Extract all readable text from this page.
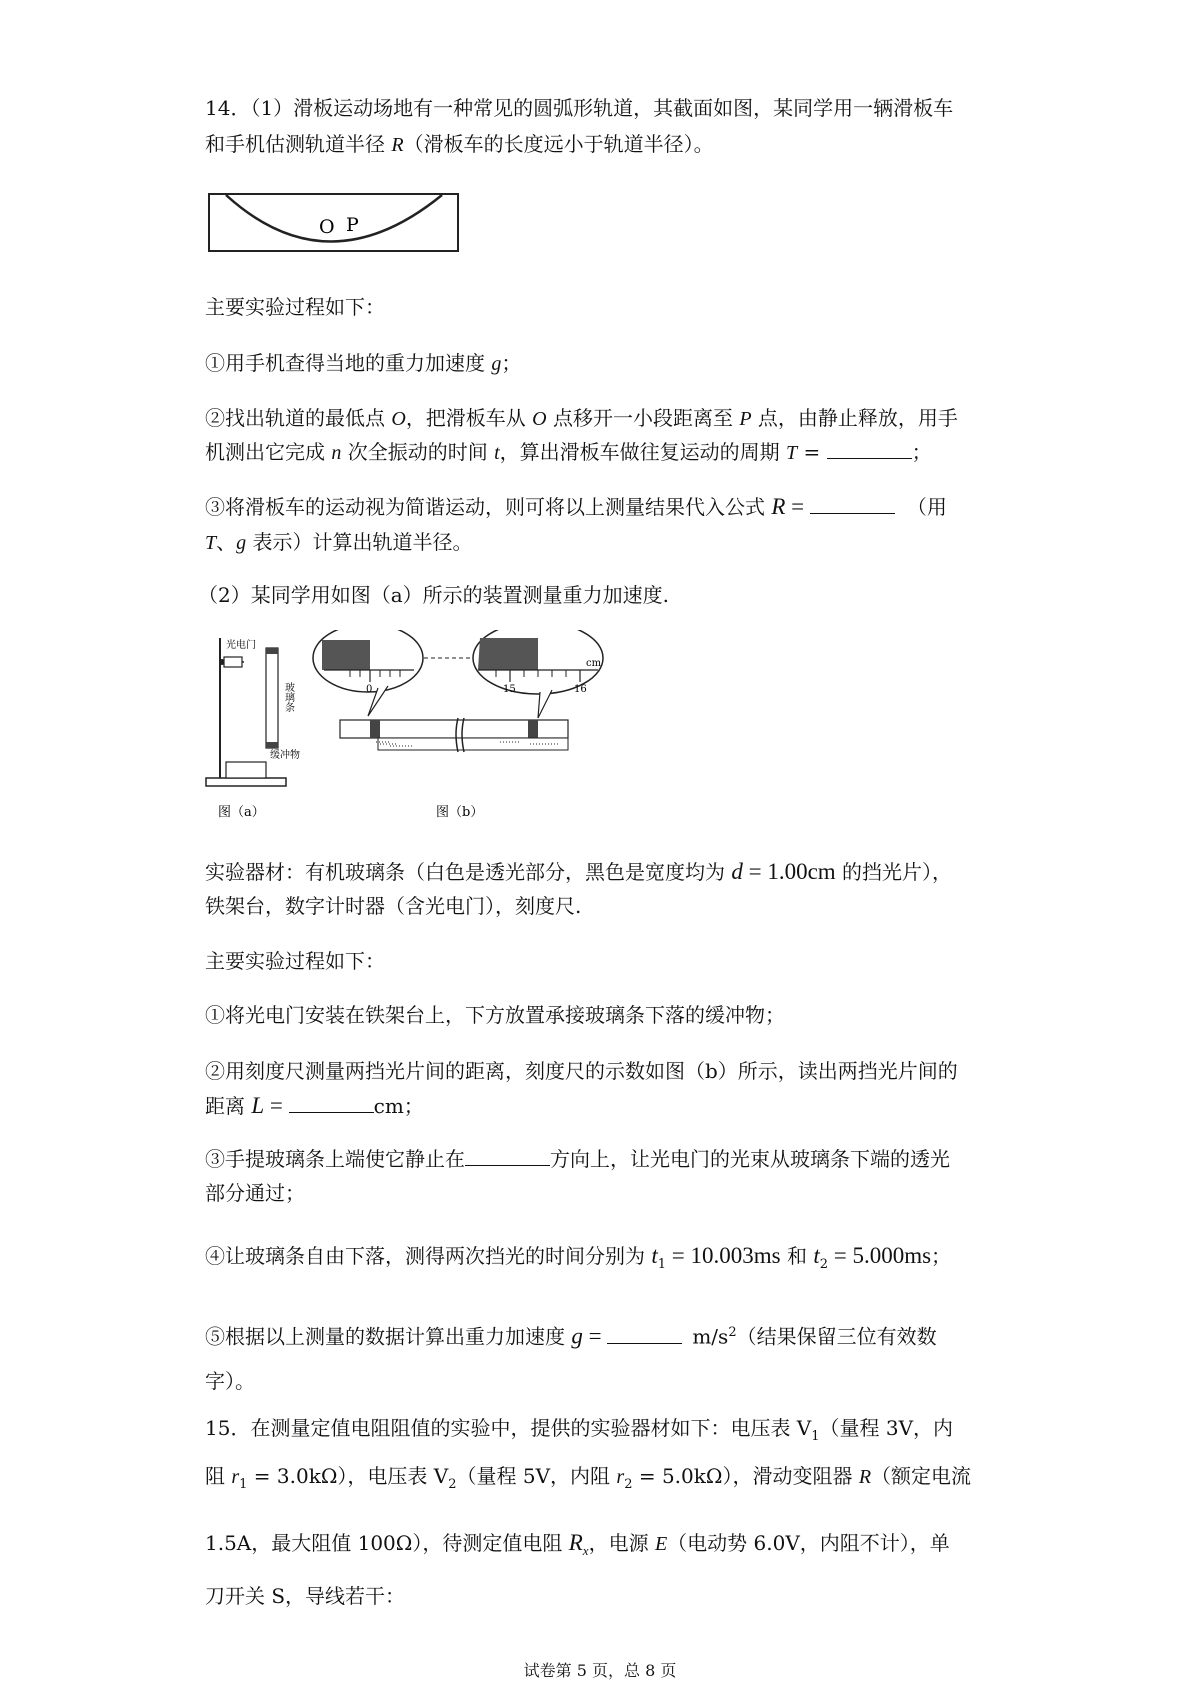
14．（1）滑板运动场地有一种常见的圆弧形轨道，其截面如图，某同学用一辆滑板车
和手机估测轨道半径 R（滑板车的长度远小于轨道半径）。
O P
主要实验过程如下：
①用手机查得当地的重力加速度 g；
②找出轨道的最低点 O，把滑板车从 O 点移开一小段距离至 P 点，由静止释放，用手
机测出它完成 n 次全振动的时间 t，算出滑板车做往复运动的周期 T =	；
③将滑板车的运动视为简谐运动，则可将以上测量结果代入公式 R =	（用
T、g 表示）计算出轨道半径。
（2）某同学用如图（a）所示的装置测量重力加速度.
光电门
玻璃条
缓冲物
图（a）
0	15	16
cm
图（b）
实验器材：有机玻璃条（白色是透光部分，黑色是宽度均为 d = 1.00cm 的挡光片），
铁架台，数字计时器（含光电门），刻度尺.
主要实验过程如下：
①将光电门安装在铁架台上，下方放置承接玻璃条下落的缓冲物；
②用刻度尺测量两挡光片间的距离，刻度尺的示数如图（b）所示，读出两挡光片间的
距离 L =	cm；
③手提玻璃条上端使它静止在	方向上，让光电门的光束从玻璃条下端的透光
部分通过；
④让玻璃条自由下落，测得两次挡光的时间分别为 $t_1 = 10.003ms$ 和 $t_2 = 5.000ms$；
⑤根据以上测量的数据计算出重力加速度 g =	$m/s^2$（结果保留三位有效数
字）。
15．在测量定值电阻阻值的实验中，提供的实验器材如下：电压表 $V_1$（量程 3V，内
阻 $r_1 = 3.0k\Omega$），电压表 $V_2$（量程 5V，内阻 $r_2 = 5.0k\Omega$），滑动变阻器 R（额定电流
1.5A，最大阻值 100Ω），待测定值电阻 $R_x$，电源 E（电动势 6.0V，内阻不计），单
刀开关 S，导线若干：
试卷第 5 页，总 8 页
